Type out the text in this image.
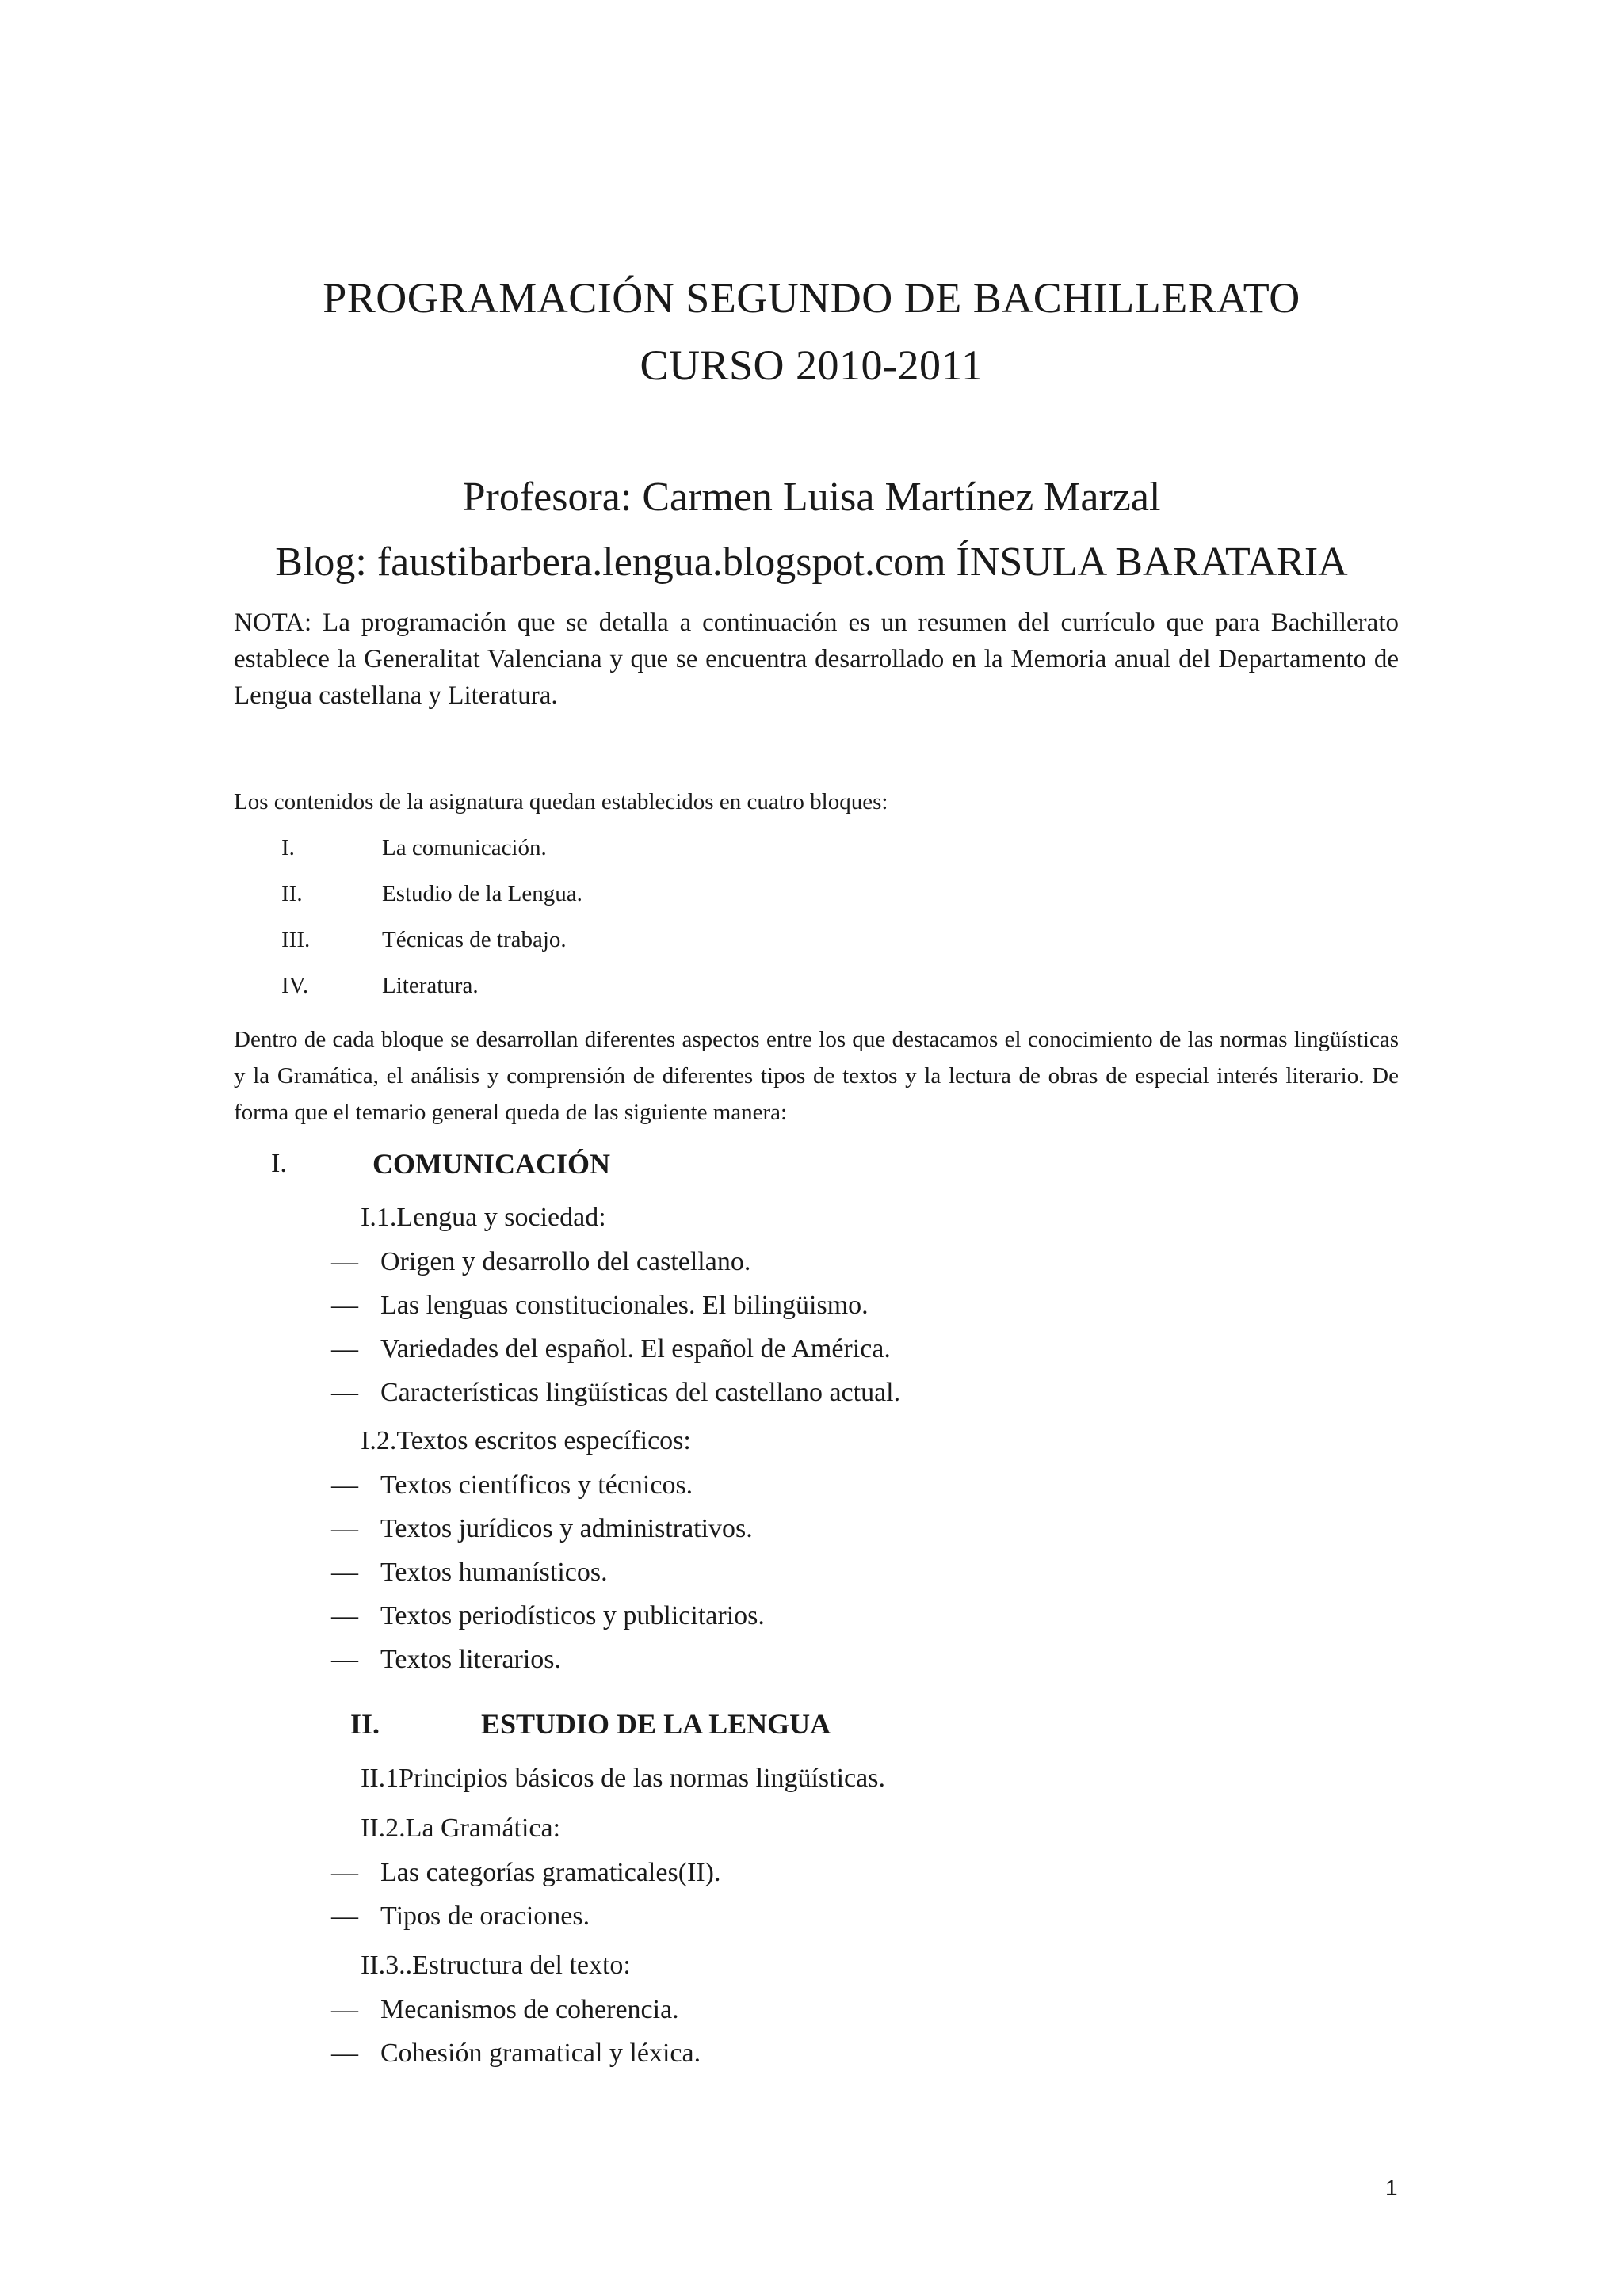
PROGRAMACIÓN SEGUNDO DE BACHILLERATO
CURSO 2010-2011
Profesora: Carmen Luisa Martínez Marzal
Blog: faustibarbera.lengua.blogspot.com ÍNSULA BARATARIA
NOTA: La programación que se detalla a continuación es un resumen del currículo que para Bachillerato establece la Generalitat Valenciana y que se encuentra desarrollado en la Memoria anual del Departamento de Lengua castellana y Literatura.
Los contenidos de la asignatura quedan establecidos en cuatro bloques:
I.	La comunicación.
II.	Estudio de la Lengua.
III.	Técnicas de trabajo.
IV.	Literatura.
Dentro de cada bloque se desarrollan diferentes aspectos entre los que destacamos el conocimiento de las normas lingüísticas y la Gramática, el análisis y comprensión de diferentes tipos de textos y la lectura de obras de especial interés literario. De forma que el temario general queda de las siguiente manera:
I.	COMUNICACIÓN
I.1.Lengua y sociedad:
— Origen y desarrollo del castellano.
— Las lenguas constitucionales. El bilingüismo.
— Variedades del español. El español de América.
— Características lingüísticas del castellano actual.
I.2.Textos escritos específicos:
— Textos científicos y técnicos.
— Textos jurídicos y administrativos.
— Textos humanísticos.
— Textos periodísticos y publicitarios.
— Textos literarios.
II.	ESTUDIO DE LA LENGUA
II.1Principios básicos de las normas lingüísticas.
II.2.La Gramática:
— Las categorías gramaticales(II).
— Tipos de oraciones.
II.3..Estructura del texto:
— Mecanismos de coherencia.
— Cohesión gramatical y léxica.
1
